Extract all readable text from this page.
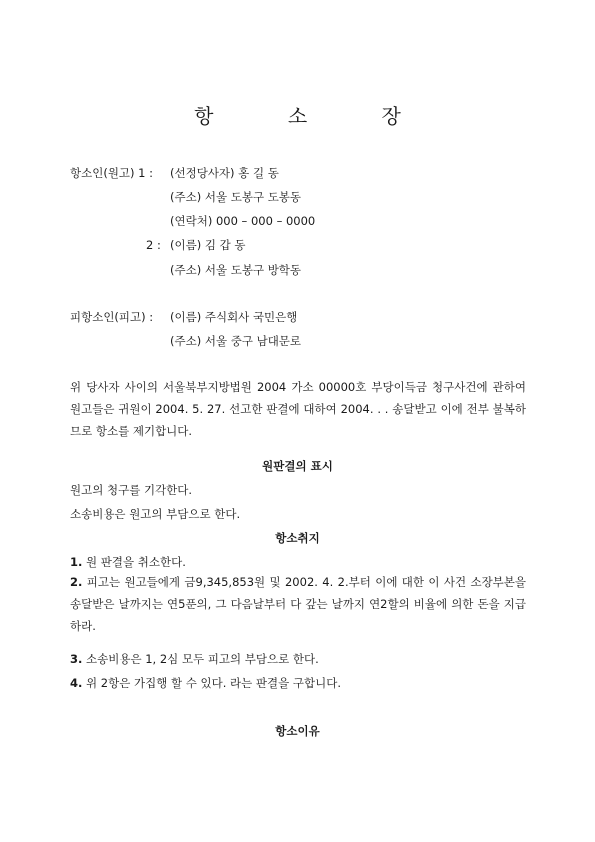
항 소 장
항소인(원고) 1 : (선정당사자) 홍 길 동
(주소) 서울 도봉구 도봉동
(연락처) 000 – 000 – 0000
2 : (이름) 김 갑 동
(주소) 서울 도봉구 방학동
피항소인(피고) : (이름) 주식회사 국민은행
(주소) 서울 중구 남대문로
위 당사자 사이의 서울북부지방법원 2004 가소 00000호 부당이득금 청구사건에 관하여 원고들은 귀원이 2004. 5. 27. 선고한 판결에 대하여 2004. . . 송달받고 이에 전부 불복하므로 항소를 제기합니다.
원판결의 표시
원고의 청구를 기각한다.
소송비용은 원고의 부담으로 한다.
항소취지
1. 원 판결을 취소한다.
2. 피고는 원고들에게 금9,345,853원 및 2002. 4. 2.부터 이에 대한 이 사건 소장부본을 송달받은 날까지는 연5푼의, 그 다음날부터 다 갚는 날까지 연2할의 비율에 의한 돈을 지급하라.
3. 소송비용은 1, 2심 모두 피고의 부담으로 한다.
4. 위 2항은 가집행 할 수 있다. 라는 판결을 구합니다.
항소이유
